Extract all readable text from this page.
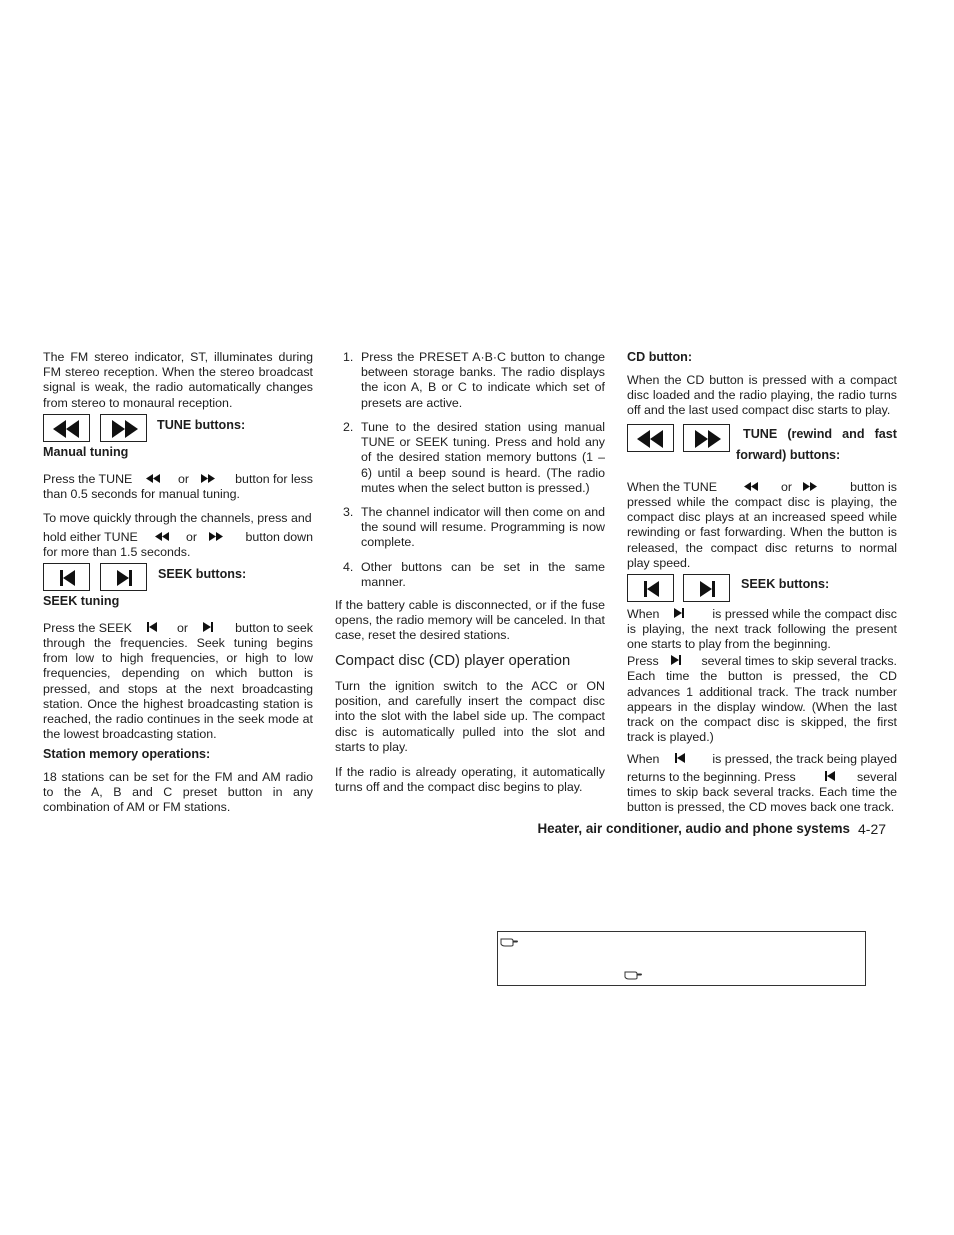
The FM stereo indicator, ST, illuminates during FM stereo reception. When the stereo broadcast signal is weak, the radio automatically changes from stereo to monaural reception.

TUNE buttons:
Manual tuning
Press the TUNE	or	button for less

than 0.5 seconds for manual tuning.

To move quickly through the channels, press and

hold either TUNE	or	button down

for more than 1.5 seconds.

SEEK buttons:
SEEK tuning
Press the SEEK	or	button to seek

through the frequencies. Seek tuning begins from low to high frequencies, or high to low frequencies, depending on which button is pressed, and stops at the next broadcasting station. Once the highest broadcasting station is reached, the radio continues in the seek mode at the lowest broadcasting station.

Station memory operations:

18 stations can be set for the FM and AM radio to the A, B and C preset button in any combination of AM or FM stations.

1. Press the PRESET A·B·C button to change between storage banks. The radio displays the icon A, B or C to indicate which set of presets are active.

2. Tune to the desired station using manual TUNE or SEEK tuning. Press and hold any of the desired station memory buttons (1 – 6) until a beep sound is heard. (The radio mutes when the select button is pressed.)

3. The channel indicator will then come on and the sound will resume. Programming is now complete.

4. Other buttons can be set in the same manner.

If the battery cable is disconnected, or if the fuse opens, the radio memory will be canceled. In that case, reset the desired stations.

Compact disc (CD) player operation

Turn the ignition switch to the ACC or ON position, and carefully insert the compact disc into the slot with the label side up. The compact disc is automatically pulled into the slot and starts to play.

If the radio is already operating, it automatically turns off and the compact disc begins to play.

CD button:

When the CD button is pressed with a compact disc loaded and the radio playing, the radio turns off and the last used compact disc starts to play.

TUNE (rewind and fast
forward) buttons:
When the TUNE	or	button is

pressed while the compact disc is playing, the compact disc plays at an increased speed while rewinding or fast forwarding. When the button is released, the compact disc returns to normal play speed.

SEEK buttons:
When	is pressed while the compact disc

is playing, the next track following the present one starts to play from the beginning.

Press	several times to skip several tracks.

Each time the button is pressed, the CD advances 1 additional track. The track number appears in the display window. (When the last track on the compact disc is skipped, the first track is played.)

When	is pressed, the track being played
returns to the beginning. Press	several

times to skip back several tracks. Each time the button is pressed, the CD moves back one track.

Heater, air conditioner, audio and phone systems 4-27
